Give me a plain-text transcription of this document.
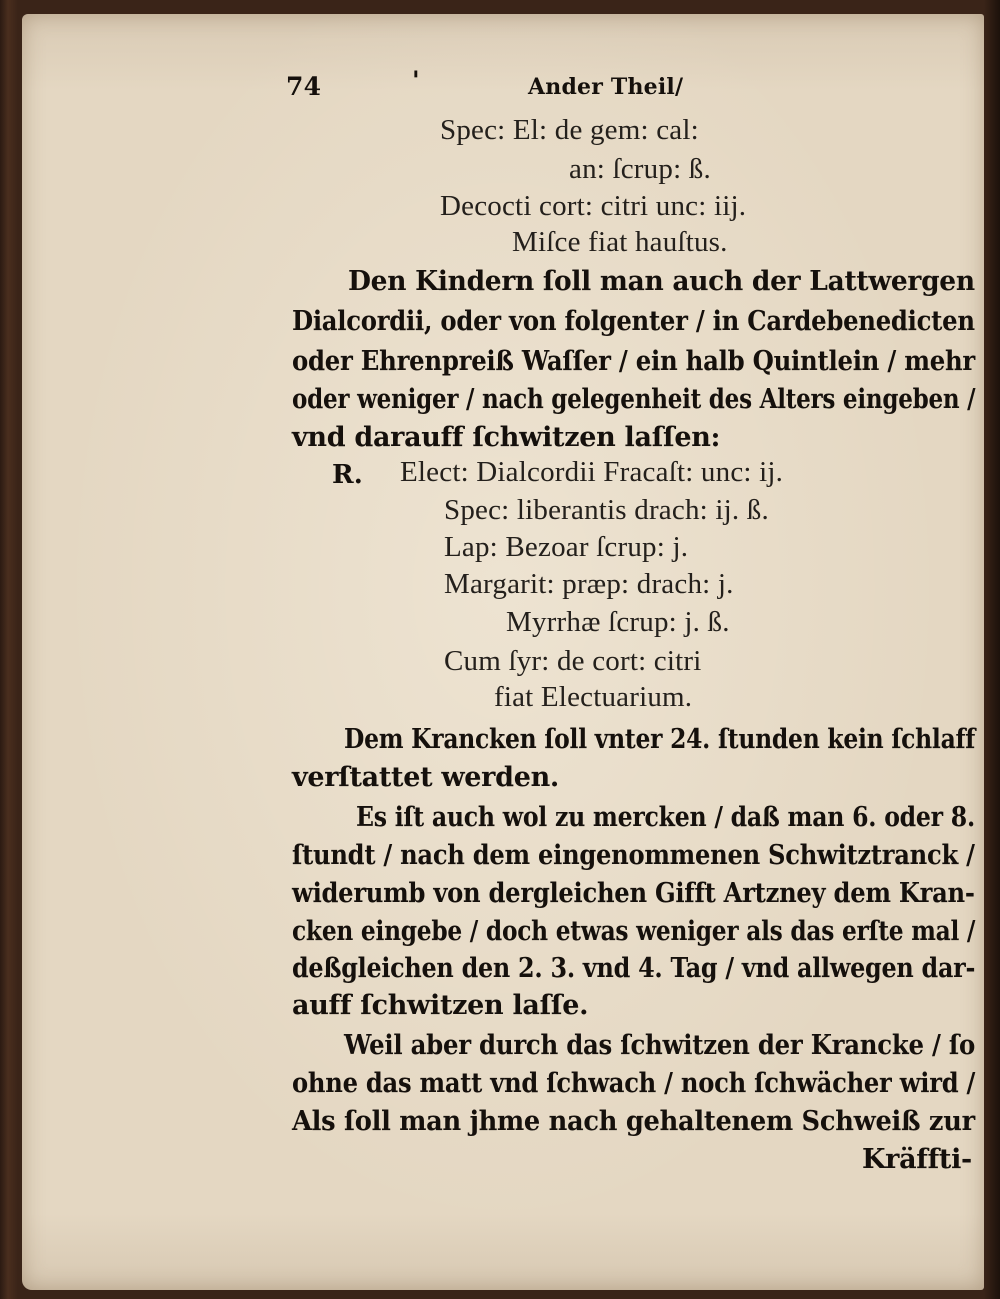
74	'	Ander Theil/
Spec: El: de gem: cal:
an: ſcrup: ß.
Decocti cort: citri unc: iij.
Miſce fiat hauſtus.
Den Kindern ſoll man auch der Lattwergen
Dialcordii, oder von folgenter / in Cardebenedicten
oder Ehrenpreiß Waſſer / ein halb Quintlein / mehr
oder weniger / nach gelegenheit des Alters eingeben /
vnd darauff ſchwitzen laſſen:
R. Elect: Dialcordii Fracaſt: unc: ij.
Spec: liberantis drach: ij. ß.
Lap: Bezoar ſcrup: j.
Margarit: præp: drach: j.
Myrrhæ ſcrup: j. ß.
Cum ſyr: de cort: citri
fiat Electuarium.
Dem Krancken ſoll vnter 24. ſtunden kein ſchlaff
verſtattet werden.
Es iſt auch wol zu mercken / daß man 6. oder 8.
ſtundt / nach dem eingenommenen Schwitztranck /
widerumb von dergleichen Gifft Artzney dem Kran-
cken eingebe / doch etwas weniger als das erſte mal /
deßgleichen den 2. 3. vnd 4. Tag / vnd allwegen dar-
auff ſchwitzen laſſe.
Weil aber durch das ſchwitzen der Krancke / ſo
ohne das matt vnd ſchwach / noch ſchwächer wird /
Als ſoll man jhme nach gehaltenem Schweiß zur
Kräffti-
